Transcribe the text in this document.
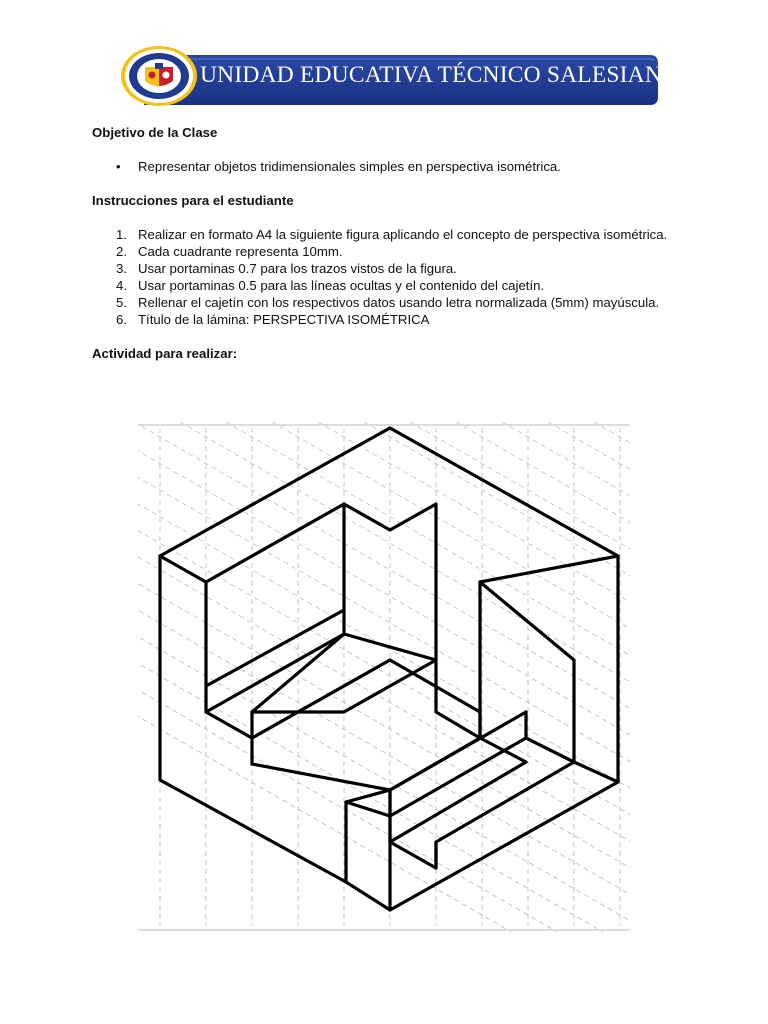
UNIDAD EDUCATIVA TÉCNICO SALESIANO

Objetivo de la Clase

• Representar objetos tridimensionales simples en perspectiva isométrica.

Instrucciones para el estudiante

1. Realizar en formato A4 la siguiente figura aplicando el concepto de perspectiva isométrica.
2. Cada cuadrante representa 10mm.
3. Usar portaminas 0.7 para los trazos vistos de la figura.
4. Usar portaminas 0.5 para las líneas ocultas y el contenido del cajetín.
5. Rellenar el cajetín con los respectivos datos usando letra normalizada (5mm) mayúscula.
6. Título de la lámina: PERSPECTIVA ISOMÉTRICA

Actividad para realizar:
